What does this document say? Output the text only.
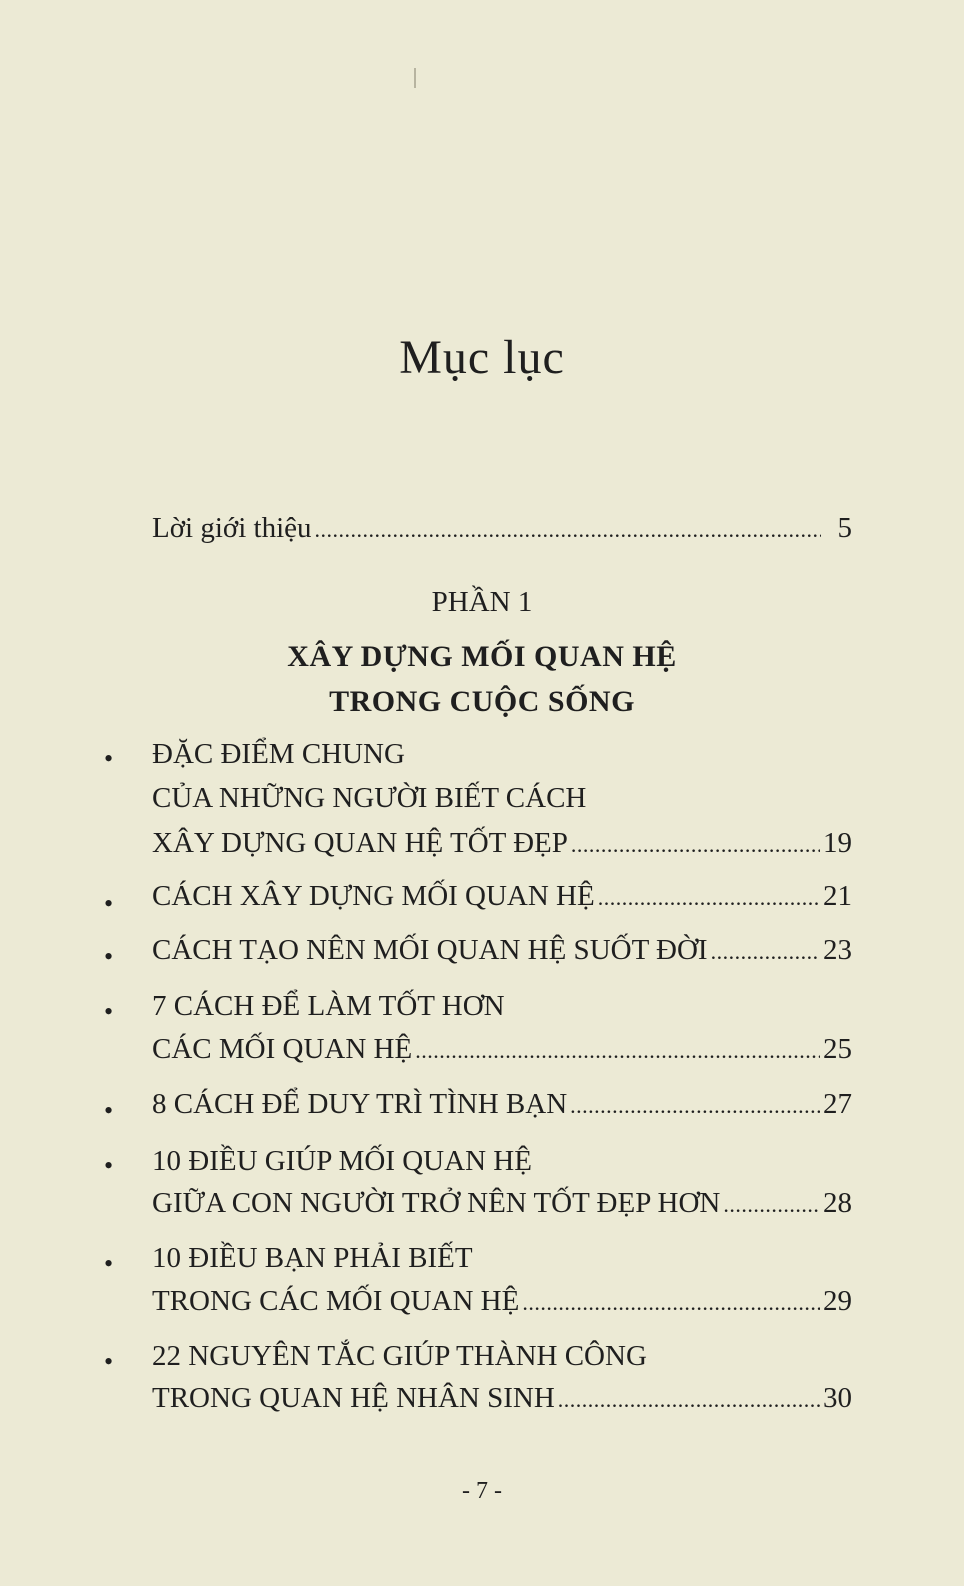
Mục lục
Lời giới thiệu .....	5
PHẦN 1
XÂY DỰNG MỐI QUAN HỆ
TRONG CUỘC SỐNG
• ĐẶC ĐIỂM CHUNG
CỦA NHỮNG NGƯỜI BIẾT CÁCH
XÂY DỰNG QUAN HỆ TỐT ĐẸP .....	19
• CÁCH XÂY DỰNG MỐI QUAN HỆ .....	21
• CÁCH TẠO NÊN MỐI QUAN HỆ SUỐT ĐỜI .....	23
• 7 CÁCH ĐỂ LÀM TỐT HƠN
CÁC MỐI QUAN HỆ .....	25
• 8 CÁCH ĐỂ DUY TRÌ TÌNH BẠN .....	27
• 10 ĐIỀU GIÚP MỐI QUAN HỆ
GIỮA CON NGƯỜI TRỞ NÊN TỐT ĐẸP HƠN .....	28
• 10 ĐIỀU BẠN PHẢI BIẾT
TRONG CÁC MỐI QUAN HỆ .....	29
• 22 NGUYÊN TẮC GIÚP THÀNH CÔNG
TRONG QUAN HỆ NHÂN SINH .....	30
- 7 -
